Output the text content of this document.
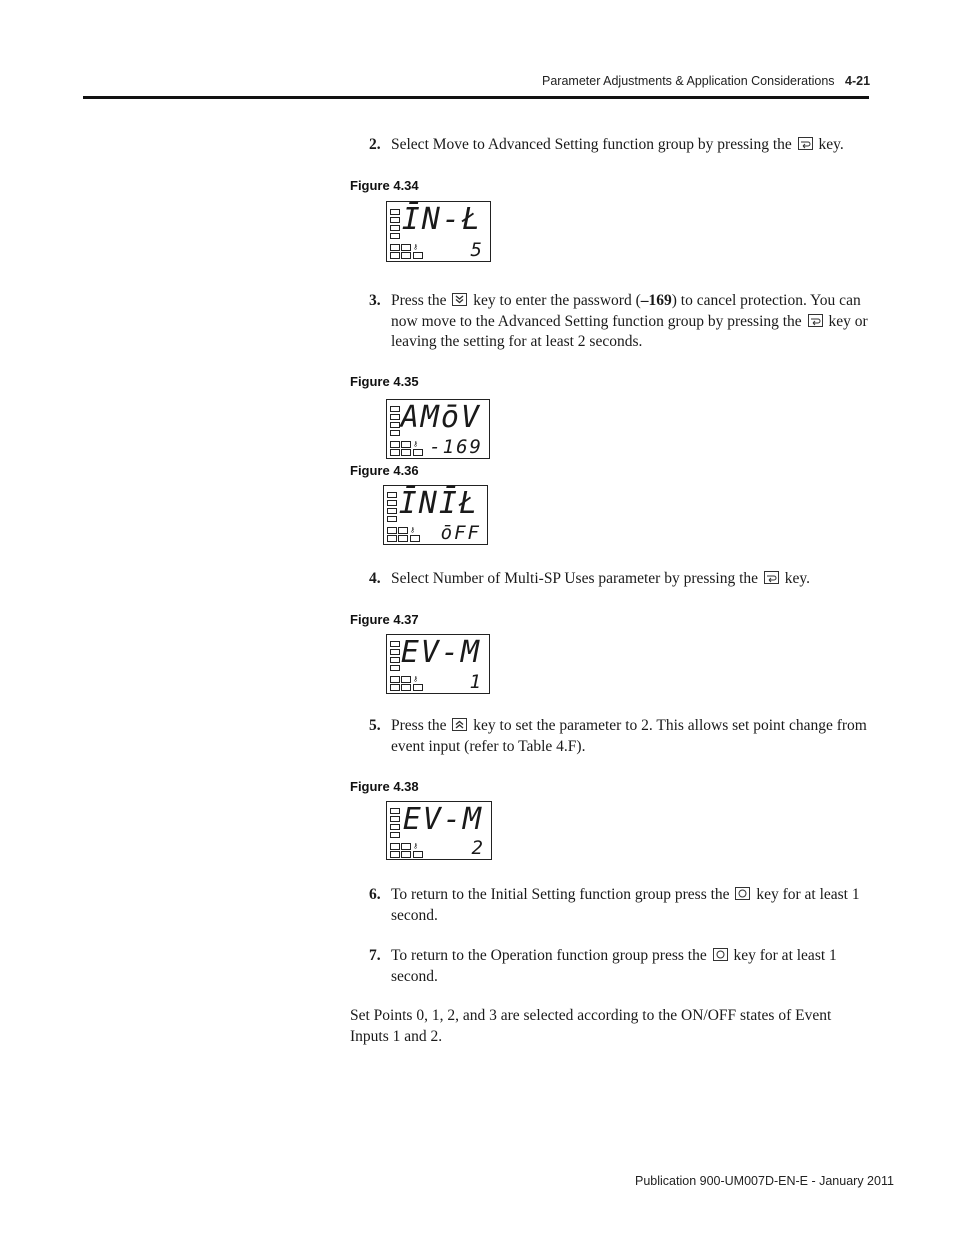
Parameter Adjustments & Application Considerations 4-21
2. Select Move to Advanced Setting function group by pressing the key.
Figure 4.34
⚷
ĪN-Ł
5
3. Press the key to enter the password (–169) to cancel protection. You can now move to the Advanced Setting function group by pressing the key or leaving the setting for at least 2 seconds.
Figure 4.35
⚷
AMōV
-169
Figure 4.36
⚷
ĪNĪŁ
ōFF
4. Select Number of Multi-SP Uses parameter by pressing the key.
Figure 4.37
⚷
EV-M
1
5. Press the key to set the parameter to 2. This allows set point change from event input (refer to Table 4.F).
Figure 4.38
⚷
EV-M
2
6. To return to the Initial Setting function group press the key for at least 1 second.
7. To return to the Operation function group press the key for at least 1 second.
Set Points 0, 1, 2, and 3 are selected according to the ON/OFF states of Event Inputs 1 and 2.
Publication 900-UM007D-EN-E - January 2011
